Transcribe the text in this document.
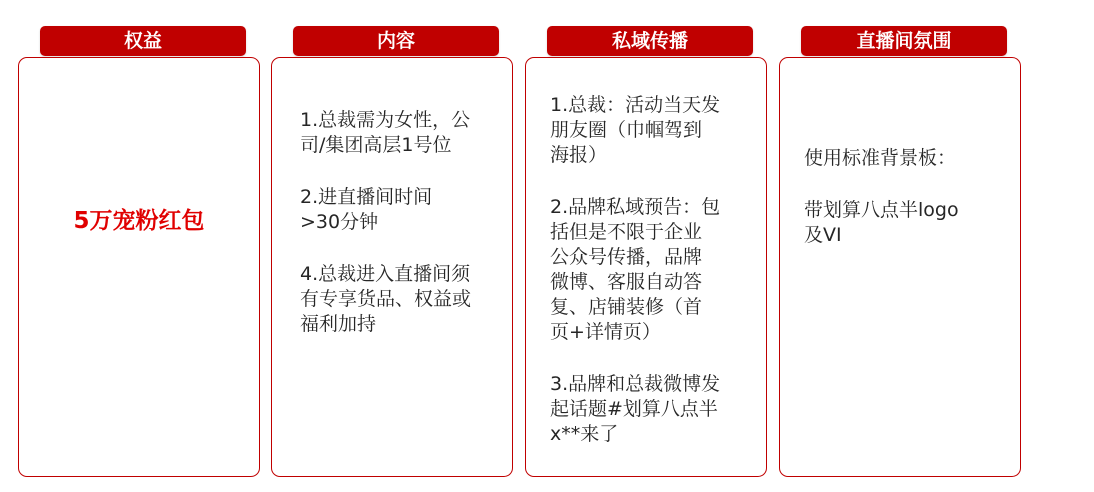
权益
5万宠粉红包
内容
1.总裁需为女性，公
司/集团高层1号位
2.进直播间时间
>30分钟
4.总裁进入直播间须
有专享货品、权益或
福利加持
私域传播
1.总裁：活动当天发
朋友圈（巾帼驾到
海报）
2.品牌私域预告：包
括但是不限于企业
公众号传播，品牌
微博、客服自动答
复、店铺装修（首
页+详情页）
3.品牌和总裁微博发
起话题#划算八点半
x**来了
直播间氛围
使用标准背景板：
带划算八点半logo
及VI
